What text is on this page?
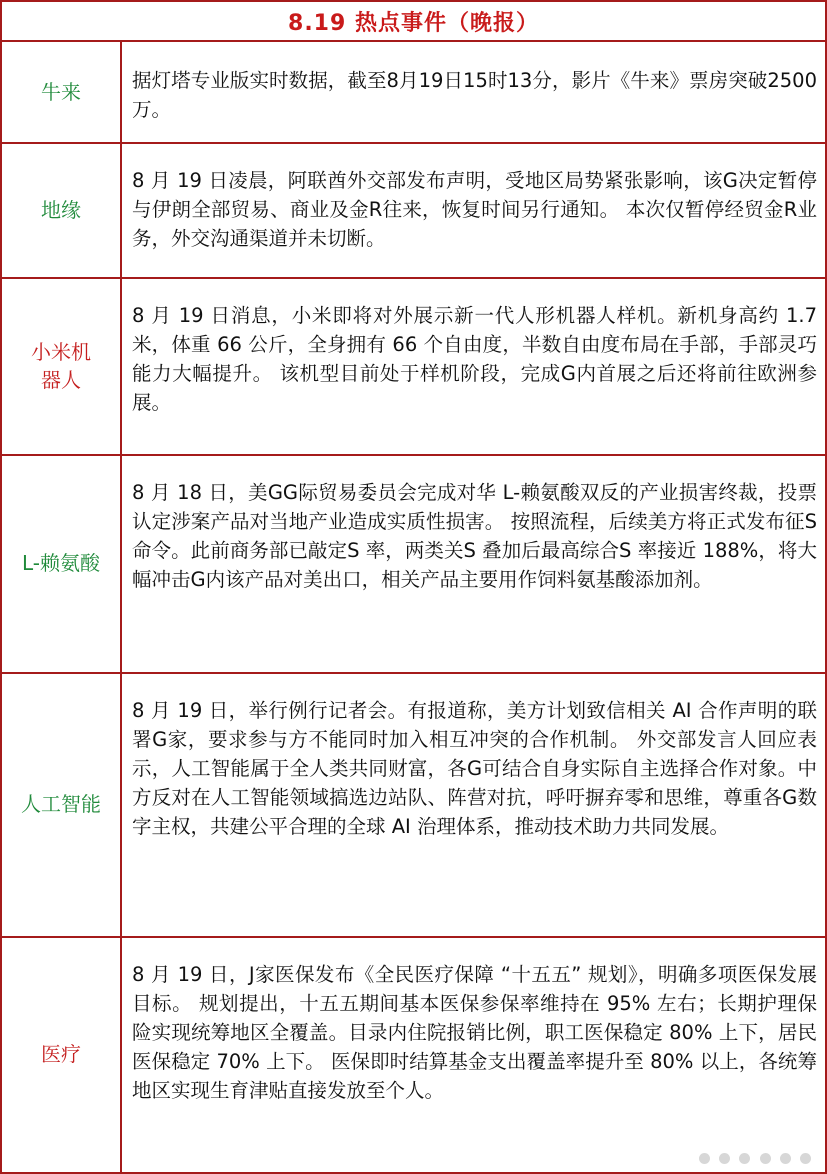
8.19 热点事件（晚报）
牛来	据灯塔专业版实时数据，截至8月19日15时13分，影片《牛来》票房突破2500万。
地缘
8 月 19 日凌晨，阿联酋外交部发布声明，受地区局势紧张影响，该G决定暂停与伊朗全部贸易、商业及金R往来，恢复时间另行通知。 本次仅暂停经贸金R业务，外交沟通渠道并未切断。
小米机器人
8 月 19 日消息，小米即将对外展示新一代人形机器人样机。新机身高约 1.7 米，体重 66 公斤，全身拥有 66 个自由度，半数自由度布局在手部，手部灵巧能力大幅提升。 该机型目前处于样机阶段，完成G内首展之后还将前往欧洲参展。
L-赖氨酸
8 月 18 日，美GG际贸易委员会完成对华 L-赖氨酸双反的产业损害终裁，投票认定涉案产品对当地产业造成实质性损害。 按照流程，后续美方将正式发布征S 命令。此前商务部已敲定S 率，两类关S 叠加后最高综合S 率接近 188%，将大幅冲击G内该产品对美出口，相关产品主要用作饲料氨基酸添加剂。
人工智能
8 月 19 日，举行例行记者会。有报道称，美方计划致信相关 AI 合作声明的联署G家，要求参与方不能同时加入相互冲突的合作机制。 外交部发言人回应表示，人工智能属于全人类共同财富，各G可结合自身实际自主选择合作对象。中方反对在人工智能领域搞选边站队、阵营对抗，呼吁摒弃零和思维，尊重各G数字主权，共建公平合理的全球 AI 治理体系，推动技术助力共同发展。
医疗
8 月 19 日，J家医保发布《全民医疗保障 “十五五” 规划》，明确多项医保发展目标。 规划提出，十五五期间基本医保参保率维持在 95% 左右；长期护理保险实现统筹地区全覆盖。目录内住院报销比例，职工医保稳定 80% 上下，居民医保稳定 70% 上下。 医保即时结算基金支出覆盖率提升至 80% 以上，各统筹地区实现生育津贴直接发放至个人。
